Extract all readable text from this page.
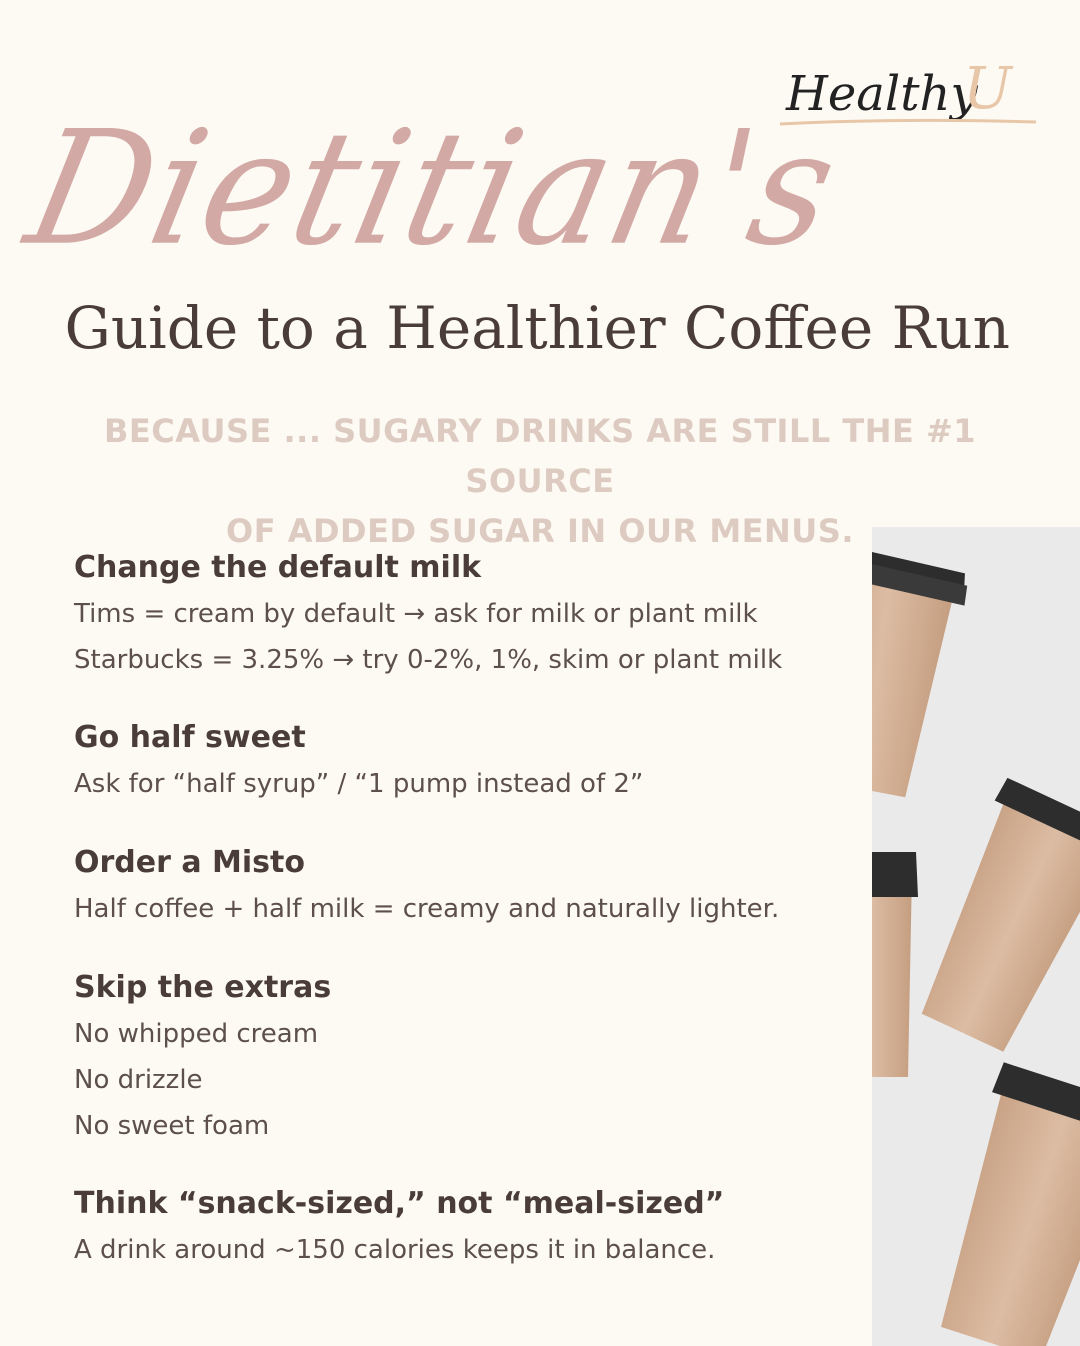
Healthy
U
Dietitian's
Guide to a Healthier Coffee Run
BECAUSE ... SUGARY DRINKS ARE STILL THE #1 SOURCE
OF ADDED SUGAR IN OUR MENUS.
Change the default milk

Tims = cream by default → ask for milk or plant milk

Starbucks = 3.25% → try 0-2%, 1%, skim or plant milk

Go half sweet

Ask for “half syrup” / “1 pump instead of 2”

Order a Misto

Half coffee + half milk = creamy and naturally lighter.

Skip the extras

No whipped cream

No drizzle

No sweet foam

Think “snack-sized,” not “meal-sized”

A drink around ~150 calories keeps it in balance.
